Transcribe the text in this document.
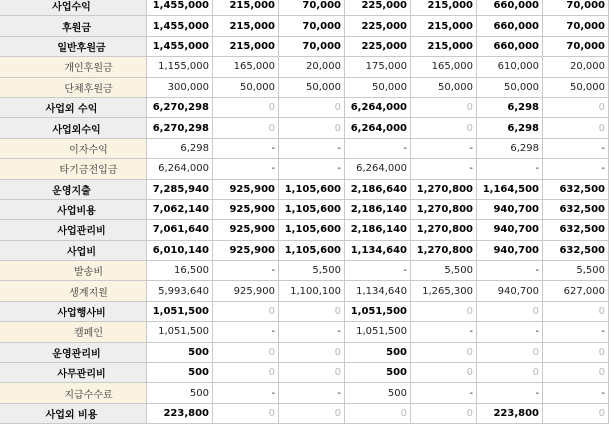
사업수익	1,455,000	215,000	70,000	225,000	215,000	660,000	70,000
후원금	1,455,000	215,000	70,000	225,000	215,000	660,000	70,000
일반후원금	1,455,000	215,000	70,000	225,000	215,000	660,000	70,000
개인후원금	1,155,000	165,000	20,000	175,000	165,000	610,000	20,000
단체후원금	300,000	50,000	50,000	50,000	50,000	50,000	50,000
사업외 수익	6,270,298	0	0	6,264,000	0	6,298	0
사업외수익	6,270,298	0	0	6,264,000	0	6,298	0
이자수익	6,298	-	-	-	-	6,298	-
타기금전입금	6,264,000	-	-	6,264,000	-	-	-
운영지출	7,285,940	925,900	1,105,600	2,186,640	1,270,800	1,164,500	632,500
사업비용	7,062,140	925,900	1,105,600	2,186,140	1,270,800	940,700	632,500
사업관리비	7,061,640	925,900	1,105,600	2,186,140	1,270,800	940,700	632,500
사업비	6,010,140	925,900	1,105,600	1,134,640	1,270,800	940,700	632,500
발송비	16,500	-	5,500	-	5,500	-	5,500
생계지원	5,993,640	925,900	1,100,100	1,134,640	1,265,300	940,700	627,000
사업행사비	1,051,500	0	0	1,051,500	0	0	0
캠페인	1,051,500	-	-	1,051,500	-	-	-
운영관리비	500	0	0	500	0	0	0
사무관리비	500	0	0	500	0	0	0
지급수수료	500	-	-	500	-	-	-
사업외 비용	223,800	0	0	0	0	223,800	0
